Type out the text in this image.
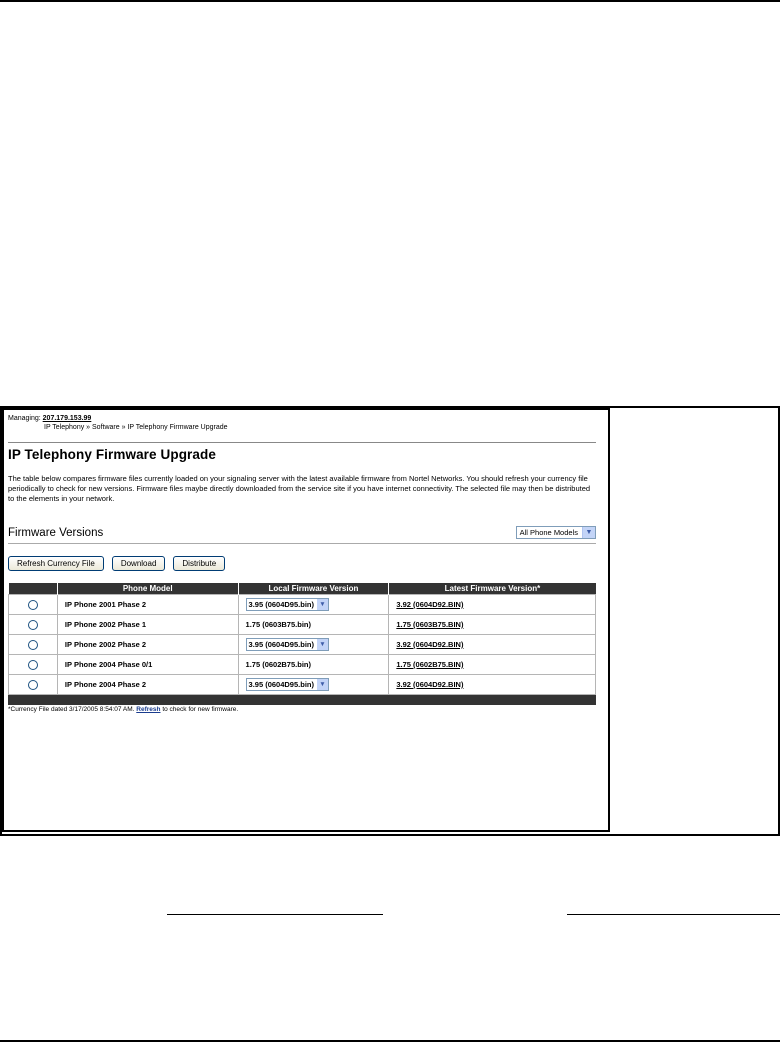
Managing: 207.179.153.99
IP Telephony » Software » IP Telephony Firmware Upgrade
IP Telephony Firmware Upgrade
The table below compares firmware files currently loaded on your signaling server with the latest available firmware from Nortel Networks. You should refresh your currency file periodically to check for new versions. Firmware files maybe directly downloaded from the service site if you have internet connectivity. The selected file may then be distributed to the elements in your network.
Firmware Versions	All Phone Models	▼
Refresh Currency File	Download	Distribute
	Phone Model	Local Firmware Version	Latest Firmware Version*
	IP Phone 2001 Phase 2	3.95 (0604D95.bin) ▼	3.92 (0604D92.BIN)
	IP Phone 2002 Phase 1	1.75 (0603B75.bin)	1.75 (0603B75.BIN)
	IP Phone 2002 Phase 2	3.95 (0604D95.bin) ▼	3.92 (0604D92.BIN)
	IP Phone 2004 Phase 0/1	1.75 (0602B75.bin)	1.75 (0602B75.BIN)
	IP Phone 2004 Phase 2	3.95 (0604D95.bin) ▼	3.92 (0604D92.BIN)
*Currency File dated 3/17/2005 8:54:07 AM. Refresh to check for new firmware.
